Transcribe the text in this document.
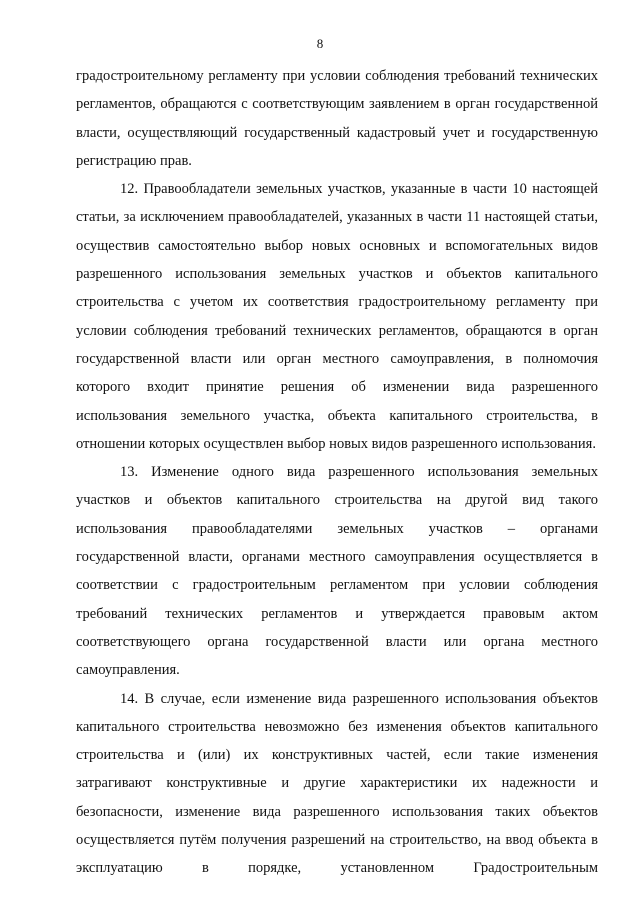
8

градостроительному регламенту при условии соблюдения требований технических регламентов, обращаются с соответствующим заявлением в орган государственной власти, осуществляющий государственный кадастровый учет и государственную регистрацию прав.

12. Правообладатели земельных участков, указанные в части 10 настоящей статьи, за исключением правообладателей, указанных в части 11 настоящей статьи, осуществив самостоятельно выбор новых основных и вспомогательных видов разрешенного использования земельных участков и объектов капитального строительства с учетом их соответствия градостроительному регламенту при условии соблюдения требований технических регламентов, обращаются в орган государственной власти или орган местного самоуправления, в полномочия которого входит принятие решения об изменении вида разрешенного использования земельного участка, объекта капитального строительства, в отношении которых осуществлен выбор новых видов разрешенного использования.

13. Изменение одного вида разрешенного использования земельных участков и объектов капитального строительства на другой вид такого использования правообладателями земельных участков – органами государственной власти, органами местного самоуправления осуществляется в соответствии с градостроительным регламентом при условии соблюдения требований технических регламентов и утверждается правовым актом соответствующего органа государственной власти или органа местного самоуправления.

14. В случае, если изменение вида разрешенного использования объектов капитального строительства невозможно без изменения объектов капитального строительства и (или) их конструктивных частей, если такие изменения затрагивают конструктивные и другие характеристики их надежности и безопасности, изменение вида разрешенного использования таких объектов осуществляется путём получения разрешений на строительство, на ввод объекта в эксплуатацию в порядке, установленном Градостроительным
